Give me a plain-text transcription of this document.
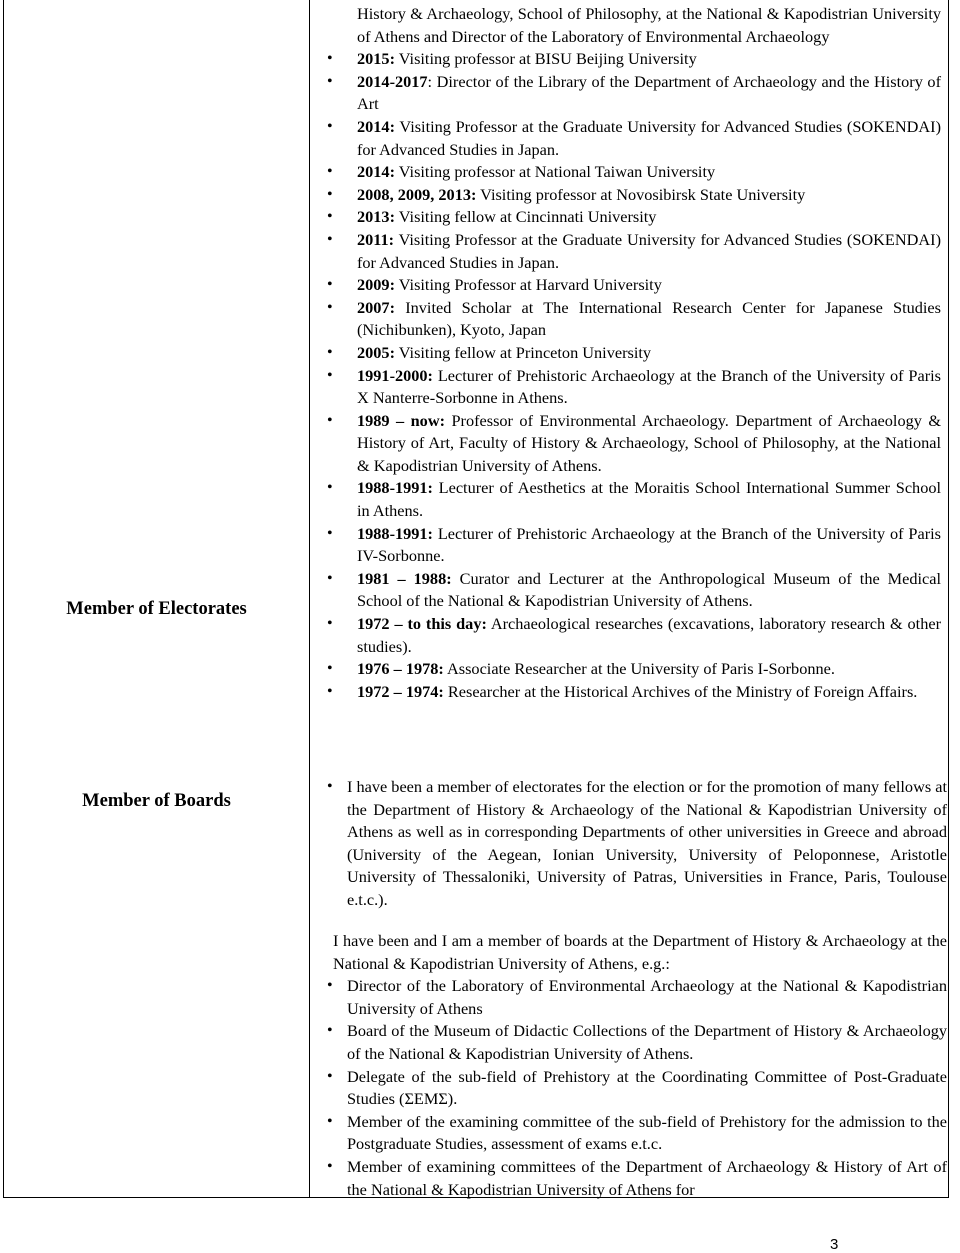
Member of Electorates
Member of Boards
History & Archaeology, School of Philosophy, at the National & Kapodistrian University of Athens and Director of the Laboratory of Environmental Archaeology
• 2015: Visiting professor at BISU Beijing University
• 2014-2017: Director of the Library of the Department of Archaeology and the History of Art
• 2014: Visiting Professor at the Graduate University for Advanced Studies (SOKENDAI) for Advanced Studies in Japan.
• 2014: Visiting professor at National Taiwan University
• 2008, 2009, 2013: Visiting professor at Novosibirsk State University
• 2013: Visiting fellow at Cincinnati University
• 2011: Visiting Professor at the Graduate University for Advanced Studies (SOKENDAI) for Advanced Studies in Japan.
• 2009: Visiting Professor at Harvard University
• 2007: Invited Scholar at The International Research Center for Japanese Studies (Nichibunken), Kyoto, Japan
• 2005: Visiting fellow at Princeton University
• 1991-2000: Lecturer of Prehistoric Archaeology at the Branch of the University of Paris X Nanterre-Sorbonne in Athens.
• 1989 – now: Professor of Environmental Archaeology. Department of Archaeology & History of Art, Faculty of History & Archaeology, School of Philosophy, at the National & Kapodistrian University of Athens.
• 1988-1991: Lecturer of Aesthetics at the Moraitis School International Summer School in Athens.
• 1988-1991: Lecturer of Prehistoric Archaeology at the Branch of the University of Paris IV-Sorbonne.
• 1981 – 1988: Curator and Lecturer at the Anthropological Museum of the Medical School of the National & Kapodistrian University of Athens.
• 1972 – to this day: Archaeological researches (excavations, laboratory research & other studies).
• 1976 – 1978: Associate Researcher at the University of Paris I-Sorbonne.
• 1972 – 1974: Researcher at the Historical Archives of the Ministry of Foreign Affairs.
• I have been a member of electorates for the election or for the promotion of many fellows at the Department of History & Archaeology of the National & Kapodistrian University of Athens as well as in corresponding Departments of other universities in Greece and abroad (University of the Aegean, Ionian University, University of Peloponnese, Aristotle University of Thessaloniki, University of Patras, Universities in France, Paris, Toulouse e.t.c.).
I have been and I am a member of boards at the Department of History & Archaeology at the National & Kapodistrian University of Athens, e.g.:
• Director of the Laboratory of Environmental Archaeology at the National & Kapodistrian University of Athens
• Board of the Museum of Didactic Collections of the Department of History & Archaeology of the National & Kapodistrian University of Athens.
• Delegate of the sub-field of Prehistory at the Coordinating Committee of Post-Graduate Studies (ΣΕΜΣ).
• Member of the examining committee of the sub-field of Prehistory for the admission to the Postgraduate Studies, assessment of exams e.t.c.
• Member of examining committees of the Department of Archaeology & History of Art of the National & Kapodistrian University of Athens for
3
